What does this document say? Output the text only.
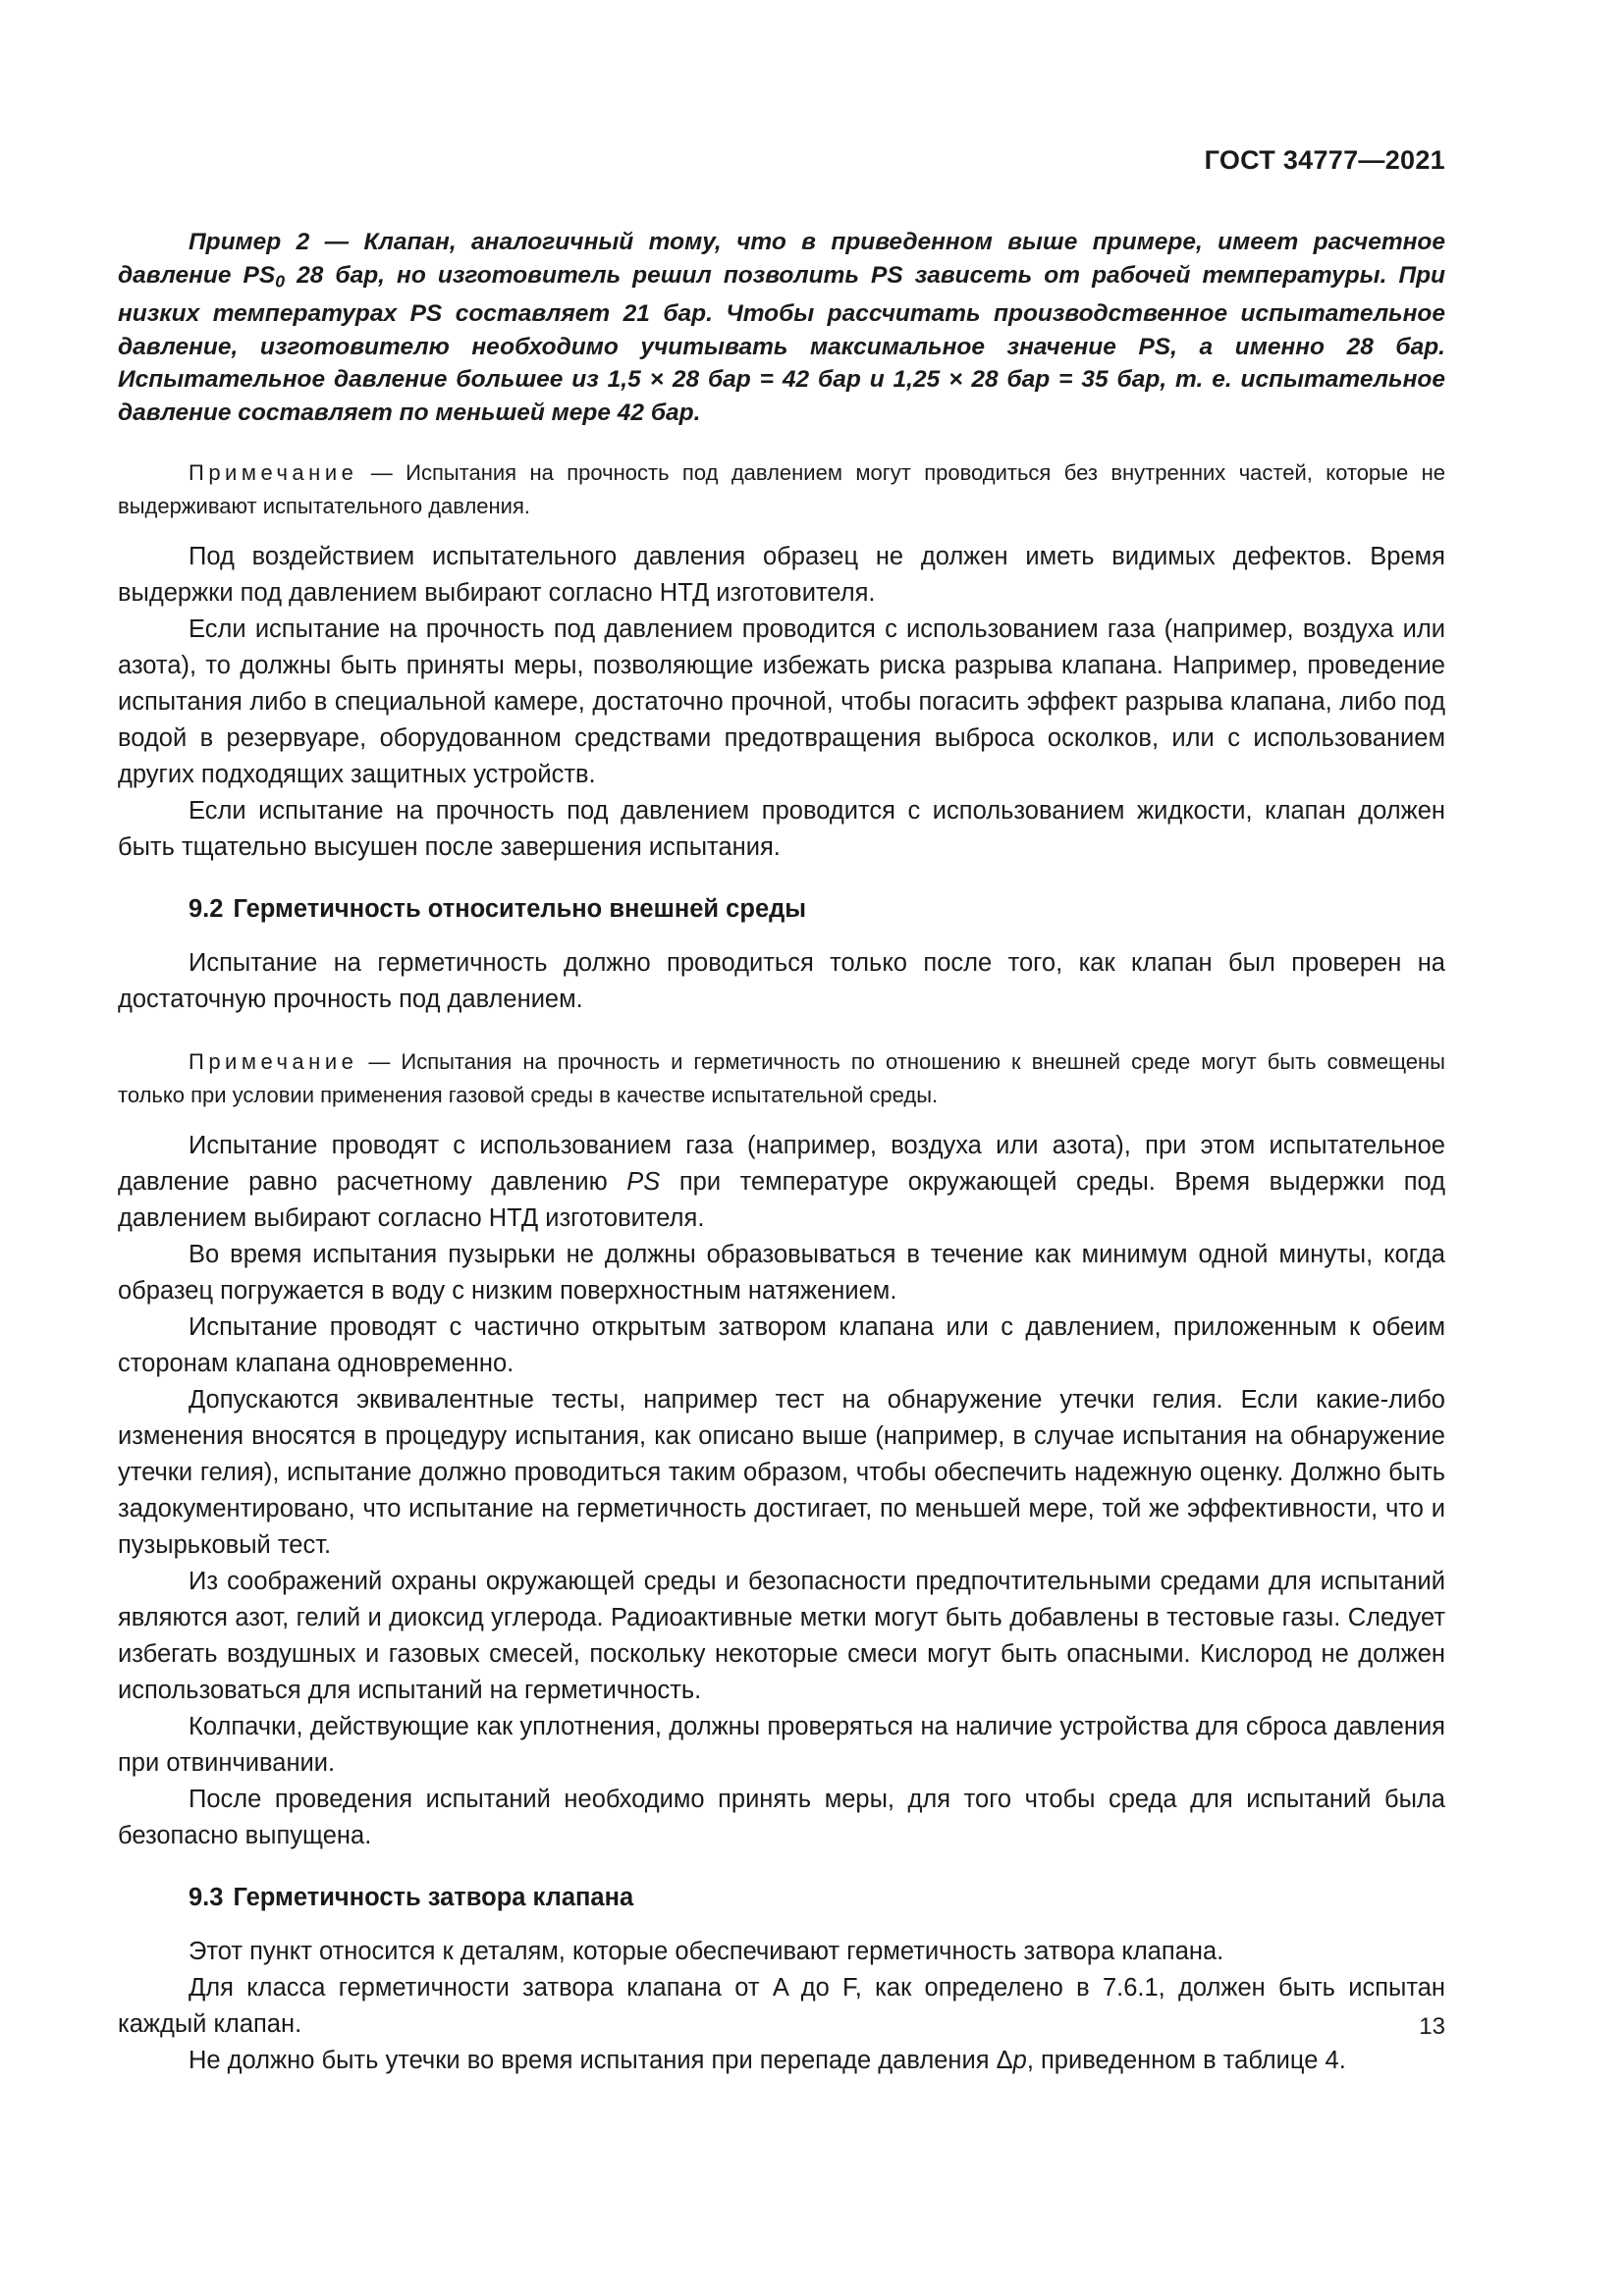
ГОСТ 34777—2021

Пример 2 — Клапан, аналогичный тому, что в приведенном выше примере, имеет расчетное давление $PS_0$ 28 бар, но изготовитель решил позволить PS зависеть от рабочей температуры. При низких температурах PS составляет 21 бар. Чтобы рассчитать производственное испытательное давление, изготовителю необходимо учитывать максимальное значение PS, а именно 28 бар. Испытательное давление большее из 1,5 × 28 бар = 42 бар и 1,25 × 28 бар = 35 бар, т. е. испытательное давление составляет по меньшей мере 42 бар.

Примечание — Испытания на прочность под давлением могут проводиться без внутренних частей, которые не выдерживают испытательного давления.

Под воздействием испытательного давления образец не должен иметь видимых дефектов. Время выдержки под давлением выбирают согласно НТД изготовителя.

Если испытание на прочность под давлением проводится с использованием газа (например, воздуха или азота), то должны быть приняты меры, позволяющие избежать риска разрыва клапана. Например, проведение испытания либо в специальной камере, достаточно прочной, чтобы погасить эффект разрыва клапана, либо под водой в резервуаре, оборудованном средствами предотвращения выброса осколков, или с использованием других подходящих защитных устройств.

Если испытание на прочность под давлением проводится с использованием жидкости, клапан должен быть тщательно высушен после завершения испытания.

9.2 Герметичность относительно внешней среды

Испытание на герметичность должно проводиться только после того, как клапан был проверен на достаточную прочность под давлением.

Примечание — Испытания на прочность и герметичность по отношению к внешней среде могут быть совмещены только при условии применения газовой среды в качестве испытательной среды.

Испытание проводят с использованием газа (например, воздуха или азота), при этом испытательное давление равно расчетному давлению PS при температуре окружающей среды. Время выдержки под давлением выбирают согласно НТД изготовителя.

Во время испытания пузырьки не должны образовываться в течение как минимум одной минуты, когда образец погружается в воду с низким поверхностным натяжением.

Испытание проводят с частично открытым затвором клапана или с давлением, приложенным к обеим сторонам клапана одновременно.

Допускаются эквивалентные тесты, например тест на обнаружение утечки гелия. Если какие-либо изменения вносятся в процедуру испытания, как описано выше (например, в случае испытания на обнаружение утечки гелия), испытание должно проводиться таким образом, чтобы обеспечить надежную оценку. Должно быть задокументировано, что испытание на герметичность достигает, по меньшей мере, той же эффективности, что и пузырьковый тест.

Из соображений охраны окружающей среды и безопасности предпочтительными средами для испытаний являются азот, гелий и диоксид углерода. Радиоактивные метки могут быть добавлены в тестовые газы. Следует избегать воздушных и газовых смесей, поскольку некоторые смеси могут быть опасными. Кислород не должен использоваться для испытаний на герметичность.

Колпачки, действующие как уплотнения, должны проверяться на наличие устройства для сброса давления при отвинчивании.

После проведения испытаний необходимо принять меры, для того чтобы среда для испытаний была безопасно выпущена.

9.3 Герметичность затвора клапана

Этот пункт относится к деталям, которые обеспечивают герметичность затвора клапана.

Для класса герметичности затвора клапана от A до F, как определено в 7.6.1, должен быть испытан каждый клапан.

Не должно быть утечки во время испытания при перепаде давления Δp, приведенном в таблице 4.

13
